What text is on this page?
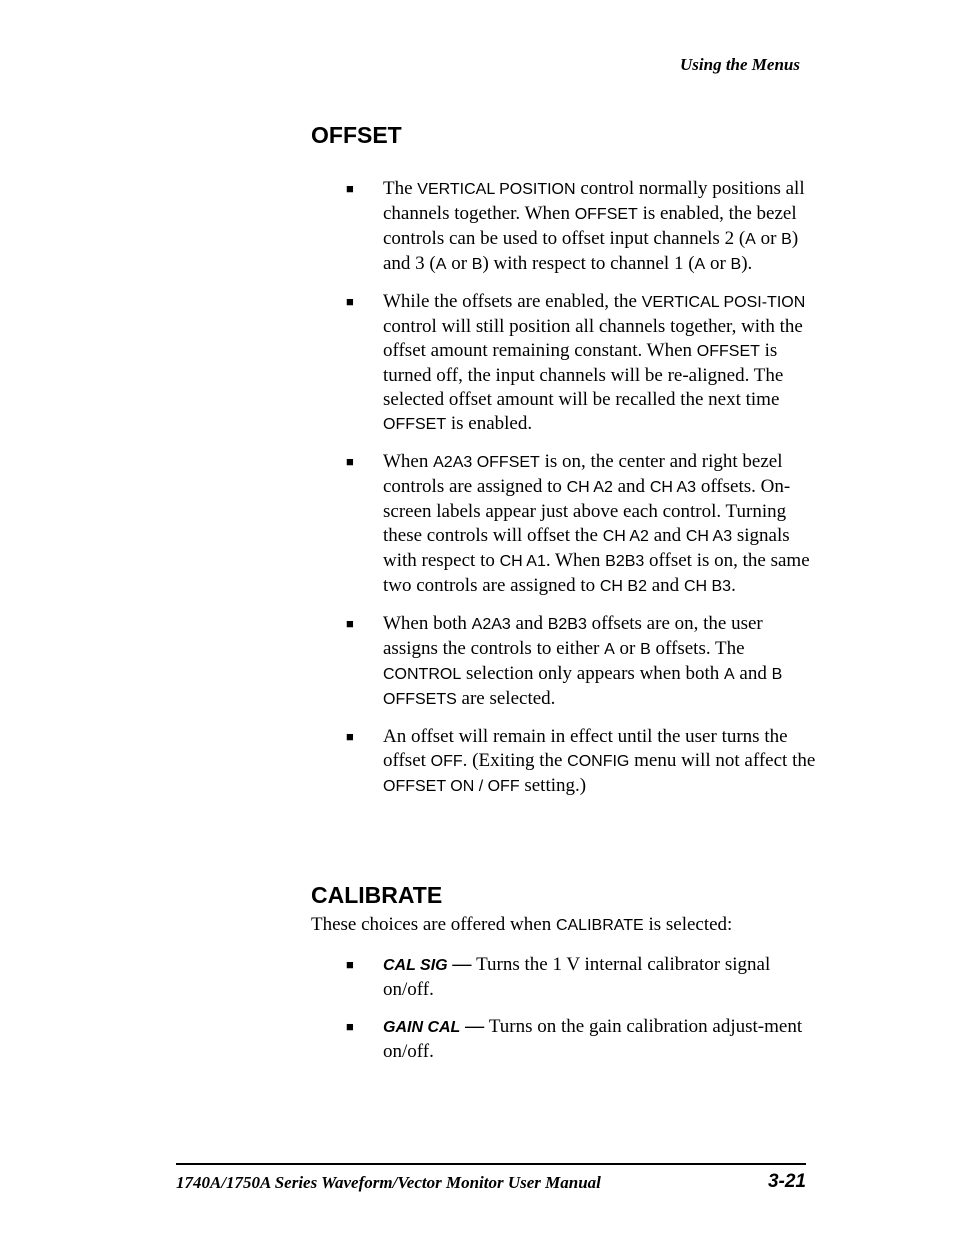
Using the Menus
OFFSET
■ The VERTICAL POSITION control normally positions all channels together. When OFFSET is enabled, the bezel controls can be used to offset input channels 2 (A or B) and 3 (A or B) with respect to channel 1 (A or B).
■ While the offsets are enabled, the VERTICAL POSI-TION control will still position all channels together, with the offset amount remaining constant. When OFFSET is turned off, the input channels will be re-aligned. The selected offset amount will be recalled the next time OFFSET is enabled.
■ When A2A3 OFFSET is on, the center and right bezel controls are assigned to CH A2 and CH A3 offsets. On-screen labels appear just above each control. Turning these controls will offset the CH A2 and CH A3 signals with respect to CH A1. When B2B3 offset is on, the same two controls are assigned to CH B2 and CH B3.
■ When both A2A3 and B2B3 offsets are on, the user assigns the controls to either A or B offsets. The CONTROL selection only appears when both A and B OFFSETS are selected.
■ An offset will remain in effect until the user turns the offset OFF. (Exiting the CONFIG menu will not affect the OFFSET ON / OFF setting.)
CALIBRATE

These choices are offered when CALIBRATE is selected:

■ CAL SIG — Turns the 1 V internal calibrator signal on/off.
■ GAIN CAL — Turns on the gain calibration adjust-ment on/off.
1740A/1750A Series Waveform/Vector Monitor User Manual	3-21
